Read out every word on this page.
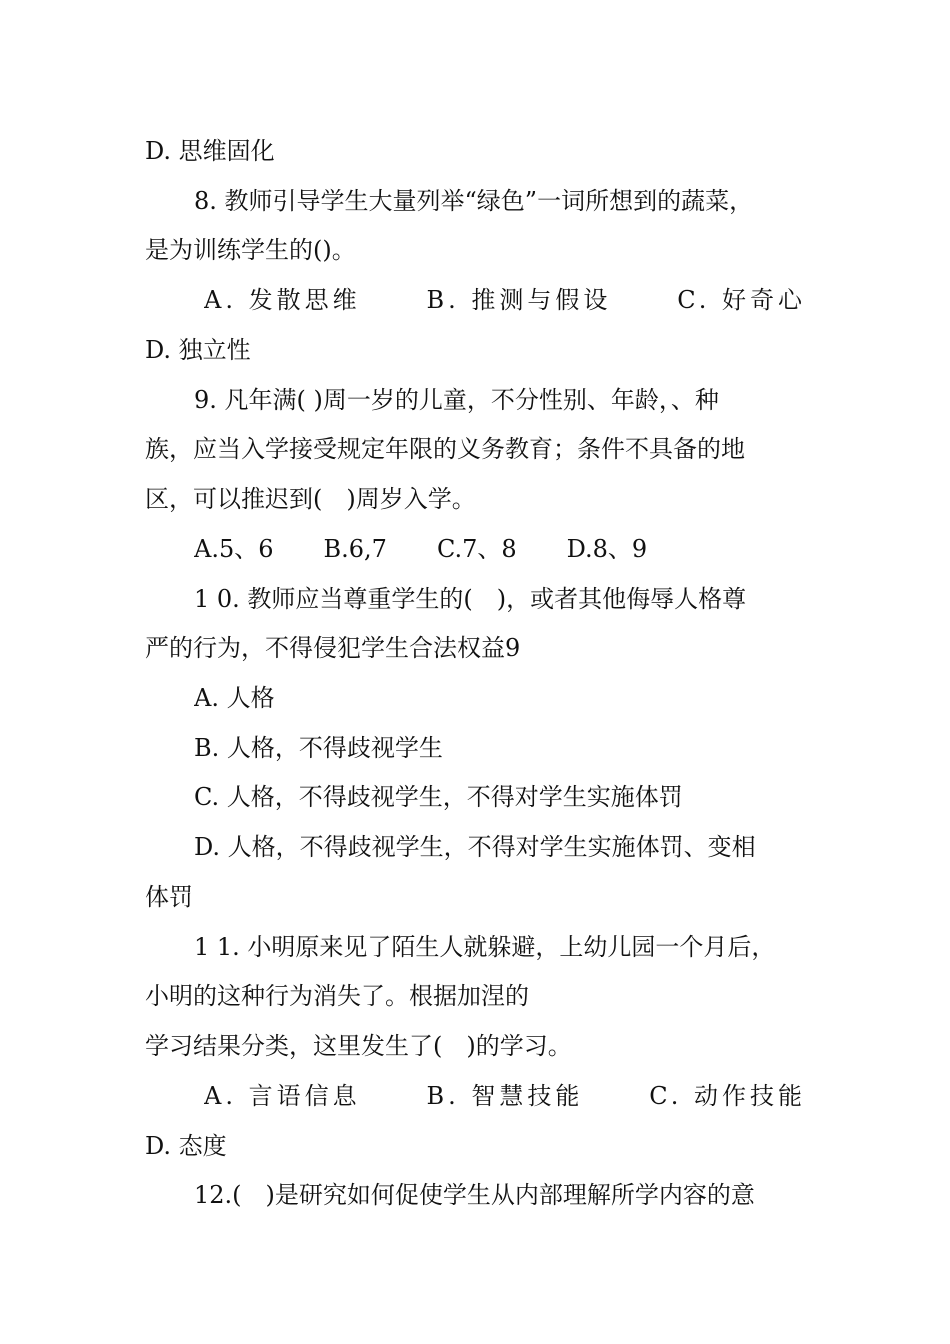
D. 思维固化
8. 教师引导学生大量列举“绿色”一词所想到的蔬菜，
是为训练学生的()。
A. 发散思维	B. 推测与假设	C. 好奇心
D. 独立性
9. 凡年满( )周一岁的儿童，不分性别、年龄，、种
族，应当入学接受规定年限的义务教育；条件不具备的地
区，可以推迟到(　)周岁入学。
A.5、6 B.6,7 C.7、8 D.8、9
1 0. 教师应当尊重学生的(　)，或者其他侮辱人格尊
严的行为，不得侵犯学生合法权益9
A. 人格
B. 人格，不得歧视学生
C. 人格，不得歧视学生，不得对学生实施体罚
D. 人格，不得歧视学生，不得对学生实施体罚、变相
体罚
1 1. 小明原来见了陌生人就躲避，上幼儿园一个月后，
小明的这种行为消失了。根据加涅的
学习结果分类，这里发生了(　)的学习。
A. 言语信息	B. 智慧技能	C. 动作技能
D. 态度
12.(　)是研究如何促使学生从内部理解所学内容的意
